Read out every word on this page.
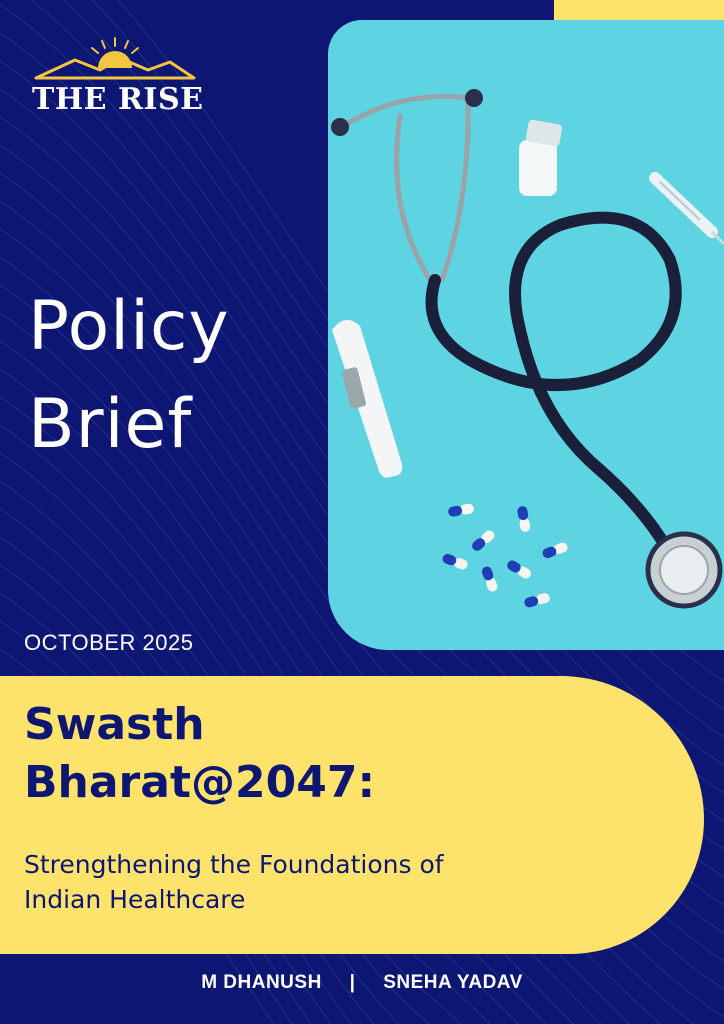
THE RISE
Policy
Brief
OCTOBER 2025
Swasth
Bharat@2047:

Strengthening the Foundations of
Indian Healthcare

M DHANUSH | SNEHA YADAV
